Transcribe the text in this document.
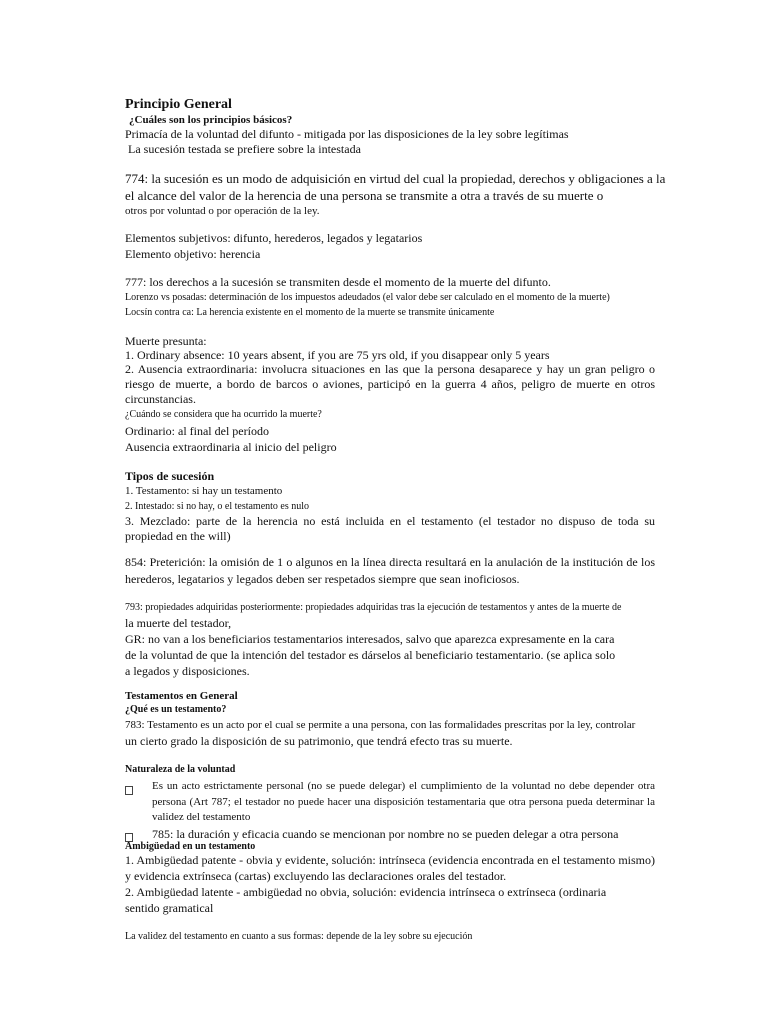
Principio General
¿Cuáles son los principios básicos?
Primacía de la voluntad del difunto - mitigada por las disposiciones de la ley sobre legítimas
La sucesión testada se prefiere sobre la intestada
774: la sucesión es un modo de adquisición en virtud del cual la propiedad, derechos y obligaciones a la
el alcance del valor de la herencia de una persona se transmite a otra a través de su muerte o
otros por voluntad o por operación de la ley.
Elementos subjetivos: difunto, herederos, legados y legatarios
Elemento objetivo: herencia
777: los derechos a la sucesión se transmiten desde el momento de la muerte del difunto.
Lorenzo vs posadas: determinación de los impuestos adeudados (el valor debe ser calculado en el momento de la muerte)
Locsín contra ca: La herencia existente en el momento de la muerte se transmite únicamente
Muerte presunta:
1. Ordinary absence: 10 years absent, if you are 75 yrs old, if you disappear only 5 years
2. Ausencia extraordinaria: involucra situaciones en las que la persona desaparece y hay un gran peligro o riesgo de muerte, a bordo de barcos o aviones, participó en la guerra 4 años, peligro de muerte en otros circunstancias.
¿Cuándo se considera que ha ocurrido la muerte?
Ordinario: al final del período
Ausencia extraordinaria al inicio del peligro
Tipos de sucesión
1. Testamento: si hay un testamento
2. Intestado: si no hay, o el testamento es nulo
3. Mezclado: parte de la herencia no está incluida en el testamento (el testador no dispuso de toda su propiedad en the will)
854: Preterición: la omisión de 1 o algunos en la línea directa resultará en la anulación de la institución de los herederos, legatarios y legados deben ser respetados siempre que sean inoficiosos.
793: propiedades adquiridas posteriormente: propiedades adquiridas tras la ejecución de testamentos y antes de la muerte de
la muerte del testador,
GR: no van a los beneficiarios testamentarios interesados, salvo que aparezca expresamente en la cara
de la voluntad de que la intención del testador es dárselos al beneficiario testamentario. (se aplica solo
a legados y disposiciones.
Testamentos en General
¿Qué es un testamento?
783: Testamento es un acto por el cual se permite a una persona, con las formalidades prescritas por la ley, controlar
un cierto grado la disposición de su patrimonio, que tendrá efecto tras su muerte.
Naturaleza de la voluntad
Es un acto estrictamente personal (no se puede delegar) el cumplimiento de la voluntad no debe depender otra persona (Art 787; el testador no puede hacer una disposición testamentaria que otra persona pueda determinar la validez del testamento
785: la duración y eficacia cuando se mencionan por nombre no se pueden delegar a otra persona
Ambigüedad en un testamento
1. Ambigüedad patente - obvia y evidente, solución: intrínseca (evidencia encontrada en el testamento mismo) y evidencia extrínseca (cartas) excluyendo las declaraciones orales del testador.
2. Ambigüedad latente - ambigüedad no obvia, solución: evidencia intrínseca o extrínseca (ordinaria
sentido gramatical
La validez del testamento en cuanto a sus formas: depende de la ley sobre su ejecución
